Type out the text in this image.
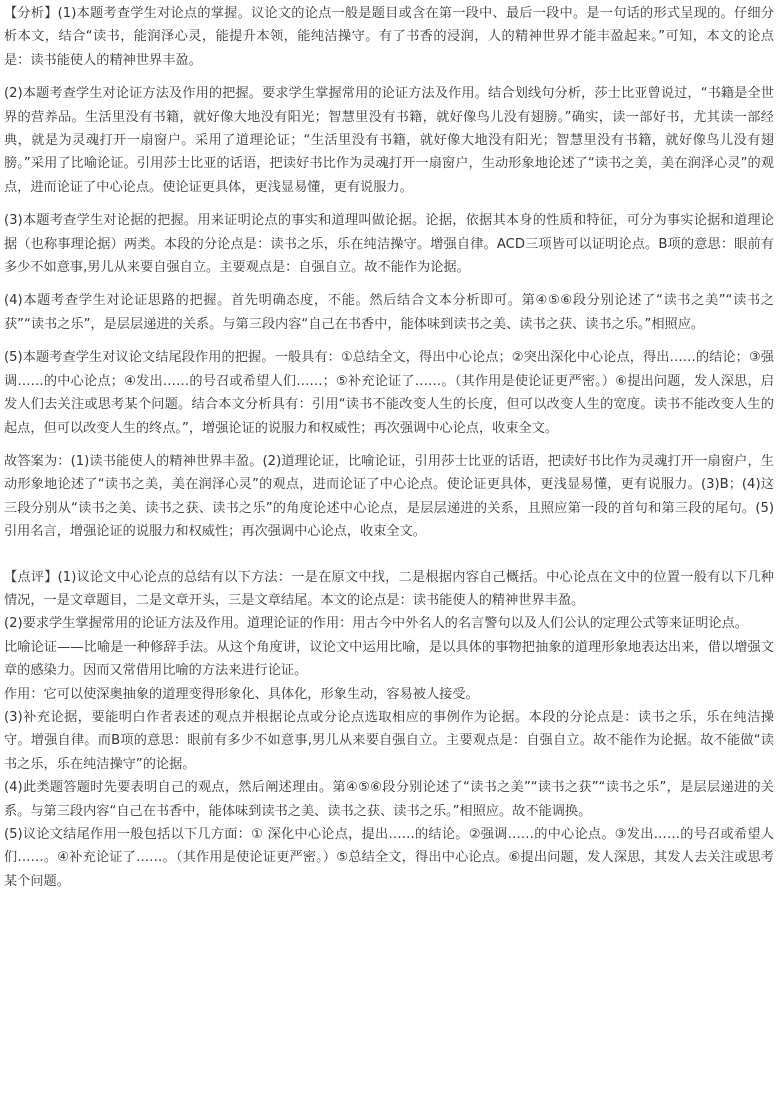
【分析】(1)本题考查学生对论点的掌握。议论文的论点一般是题目或含在第一段中、最后一段中。是一句话的形式呈现的。仔细分析本文，结合“读书，能润泽心灵，能提升本领，能纯洁操守。有了书香的浸润，人的精神世界才能丰盈起来。”可知，本文的论点是：读书能使人的精神世界丰盈。

(2)本题考查学生对论证方法及作用的把握。要求学生掌握常用的论证方法及作用。结合划线句分析，莎士比亚曾说过，“书籍是全世界的营养品。生活里没有书籍，就好像大地没有阳光；智慧里没有书籍，就好像鸟儿没有翅膀。”确实，读一部好书，尤其读一部经典，就是为灵魂打开一扇窗户。采用了道理论证；“生活里没有书籍，就好像大地没有阳光；智慧里没有书籍，就好像鸟儿没有翅膀。”采用了比喻论证。引用莎士比亚的话语，把读好书比作为灵魂打开一扇窗户，生动形象地论述了“读书之美，美在润泽心灵”的观点，进而论证了中心论点。使论证更具体，更浅显易懂，更有说服力。

(3)本题考查学生对论据的把握。用来证明论点的事实和道理叫做论据。论据，依据其本身的性质和特征，可分为事实论据和道理论据（也称事理论据）两类。本段的分论点是：读书之乐，乐在纯洁操守。增强自律。ACD三项皆可以证明论点。B项的意思：眼前有多少不如意事,男儿从来要自强自立。主要观点是：自强自立。故不能作为论据。

(4)本题考查学生对论证思路的把握。首先明确态度，不能。然后结合文本分析即可。第④⑤⑥段分别论述了“读书之美”“读书之获”“读书之乐”，是层层递进的关系。与第三段内容“自己在书香中，能体味到读书之美、读书之获、读书之乐。”相照应。

(5)本题考查学生对议论文结尾段作用的把握。一般具有：①总结全文，得出中心论点；②突出深化中心论点，得出……的结论；③强调……的中心论点；④发出……的号召或希望人们……；⑤补充论证了……。（其作用是使论证更严密。）⑥提出问题，发人深思，启发人们去关注或思考某个问题。结合本文分析具有：引用“读书不能改变人生的长度，但可以改变人生的宽度。读书不能改变人生的起点，但可以改变人生的终点。”，增强论证的说服力和权威性；再次强调中心论点，收束全文。

故答案为：(1)读书能使人的精神世界丰盈。(2)道理论证，比喻论证，引用莎士比亚的话语，把读好书比作为灵魂打开一扇窗户，生动形象地论述了“读书之美，美在润泽心灵”的观点，进而论证了中心论点。使论证更具体，更浅显易懂，更有说服力。(3)B；(4)这三段分别从“读书之美、读书之获、读书之乐”的角度论述中心论点，是层层递进的关系，且照应第一段的首句和第三段的尾句。(5)引用名言，增强论证的说服力和权威性；再次强调中心论点，收束全文。

【点评】(1)议论文中心论点的总结有以下方法：一是在原文中找，二是根据内容自己概括。中心论点在文中的位置一般有以下几种情况，一是文章题目，二是文章开头，三是文章结尾。本文的论点是：读书能使人的精神世界丰盈。

(2)要求学生掌握常用的论证方法及作用。道理论证的作用：用古今中外名人的名言警句以及人们公认的定理公式等来证明论点。

比喻论证——比喻是一种修辞手法。从这个角度讲，议论文中运用比喻，是以具体的事物把抽象的道理形象地表达出来，借以增强文章的感染力。因而又常借用比喻的方法来进行论证。

作用：它可以使深奥抽象的道理变得形象化、具体化，形象生动，容易被人接受。

(3)补充论据，要能明白作者表述的观点并根据论点或分论点选取相应的事例作为论据。本段的分论点是：读书之乐，乐在纯洁操守。增强自律。而B项的意思：眼前有多少不如意事,男儿从来要自强自立。主要观点是：自强自立。故不能作为论据。故不能做“读书之乐，乐在纯洁操守”的论据。

(4)此类题答题时先要表明自己的观点，然后阐述理由。第④⑤⑥段分别论述了“读书之美”“读书之获”“读书之乐”，是层层递进的关系。与第三段内容“自己在书香中，能体味到读书之美、读书之获、读书之乐。”相照应。故不能调换。

(5)议论文结尾作用一般包括以下几方面：① 深化中心论点，提出……的结论。②强调……的中心论点。③发出……的号召或希望人们……。④补充论证了……。（其作用是使论证更严密。）⑤总结全文，得出中心论点。⑥提出问题，发人深思，其发人去关注或思考某个问题。
